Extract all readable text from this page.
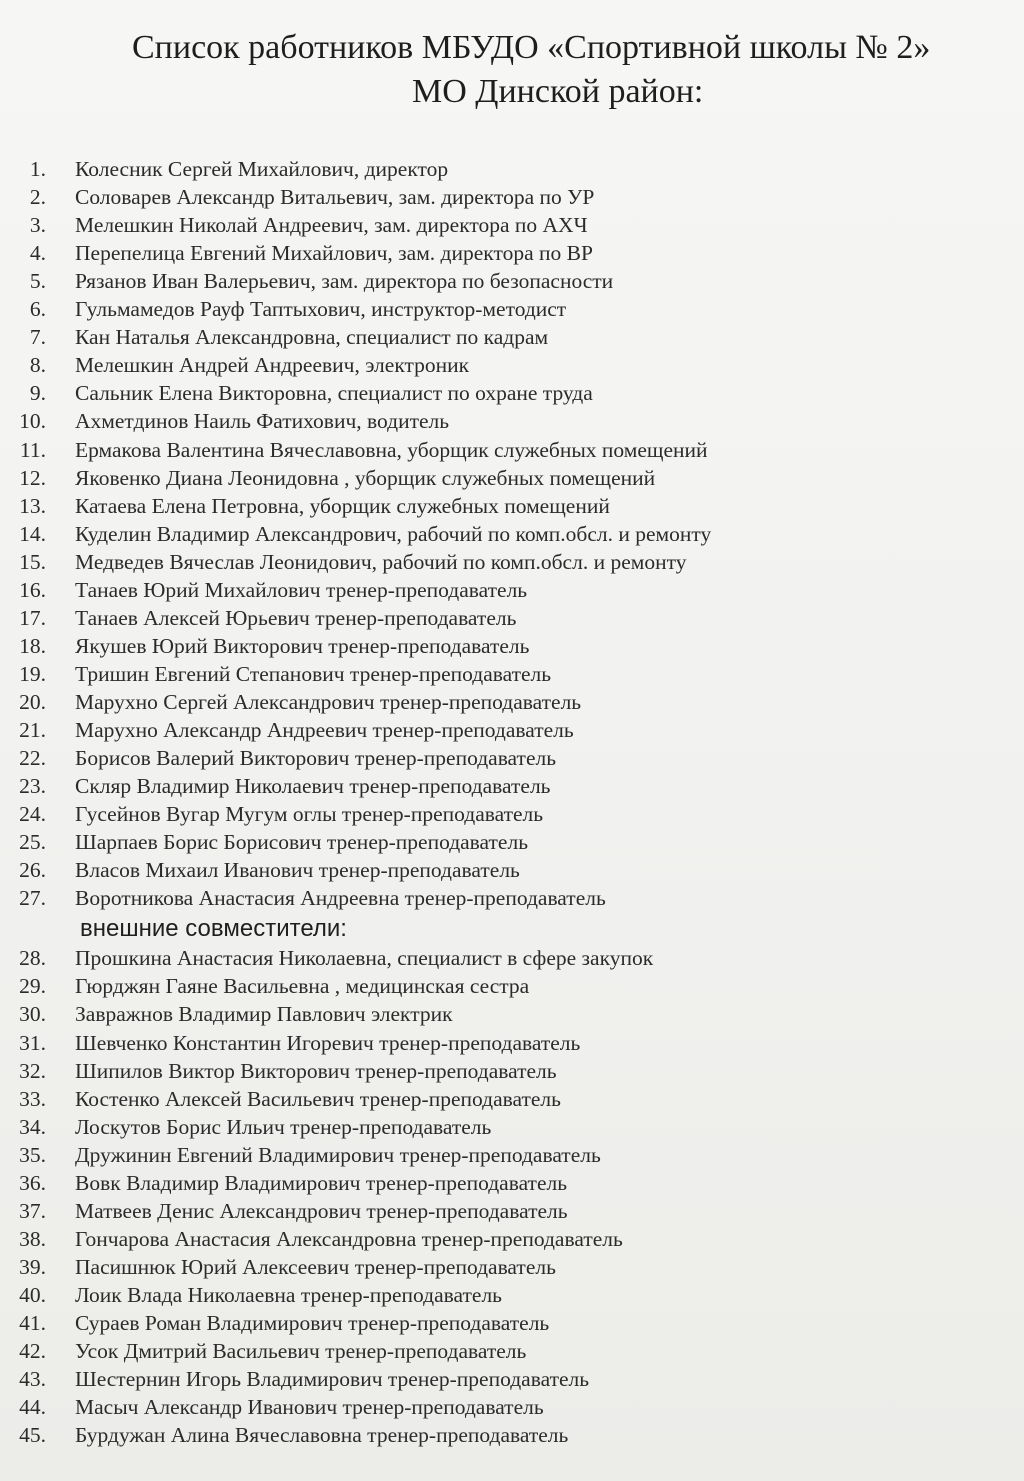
Список работников МБУДО «Спортивной школы № 2»
МО Динской район:
1. Колесник Сергей Михайлович, директор
2. Соловарев Александр Витальевич, зам. директора по УР
3. Мелешкин Николай Андреевич, зам. директора по АХЧ
4. Перепелица Евгений Михайлович, зам. директора по ВР
5. Рязанов Иван Валерьевич, зам. директора по безопасности
6. Гульмамедов Рауф Таптыхович, инструктор-методист
7. Кан Наталья Александровна, специалист по кадрам
8. Мелешкин Андрей Андреевич, электроник
9. Сальник Елена Викторовна, специалист по охране труда
10. Ахметдинов Наиль Фатихович, водитель
11. Ермакова Валентина Вячеславовна, уборщик служебных помещений
12. Яковенко Диана Леонидовна , уборщик служебных помещений
13. Катаева Елена Петровна, уборщик служебных помещений
14. Куделин Владимир Александрович, рабочий по комп.обсл. и ремонту
15. Медведев Вячеслав Леонидович, рабочий по комп.обсл. и ремонту
16. Танаев Юрий Михайлович тренер-преподаватель
17. Танаев Алексей Юрьевич тренер-преподаватель
18. Якушев Юрий Викторович тренер-преподаватель
19. Тришин Евгений Степанович тренер-преподаватель
20. Марухно Сергей Александрович тренер-преподаватель
21. Марухно Александр Андреевич тренер-преподаватель
22. Борисов Валерий Викторович тренер-преподаватель
23. Скляр Владимир Николаевич тренер-преподаватель
24. Гусейнов Вугар Мугум оглы тренер-преподаватель
25. Шарпаев Борис Борисович тренер-преподаватель
26. Власов Михаил Иванович тренер-преподаватель
27. Воротникова Анастасия Андреевна тренер-преподаватель
внешние совместители:
28. Прошкина Анастасия Николаевна, специалист в сфере закупок
29. Гюрджян Гаяне Васильевна , медицинская сестра
30. Завражнов Владимир Павлович электрик
31. Шевченко Константин Игоревич тренер-преподаватель
32. Шипилов Виктор Викторович тренер-преподаватель
33. Костенко Алексей Васильевич тренер-преподаватель
34. Лоскутов Борис Ильич тренер-преподаватель
35. Дружинин Евгений Владимирович тренер-преподаватель
36. Вовк Владимир Владимирович тренер-преподаватель
37. Матвеев Денис Александрович тренер-преподаватель
38. Гончарова Анастасия Александровна тренер-преподаватель
39. Пасишнюк Юрий Алексеевич тренер-преподаватель
40. Лоик Влада Николаевна тренер-преподаватель
41. Сураев Роман Владимирович тренер-преподаватель
42. Усок Дмитрий Васильевич тренер-преподаватель
43. Шестернин Игорь Владимирович тренер-преподаватель
44. Масыч Александр Иванович тренер-преподаватель
45. Бурдужан Алина Вячеславовна тренер-преподаватель
